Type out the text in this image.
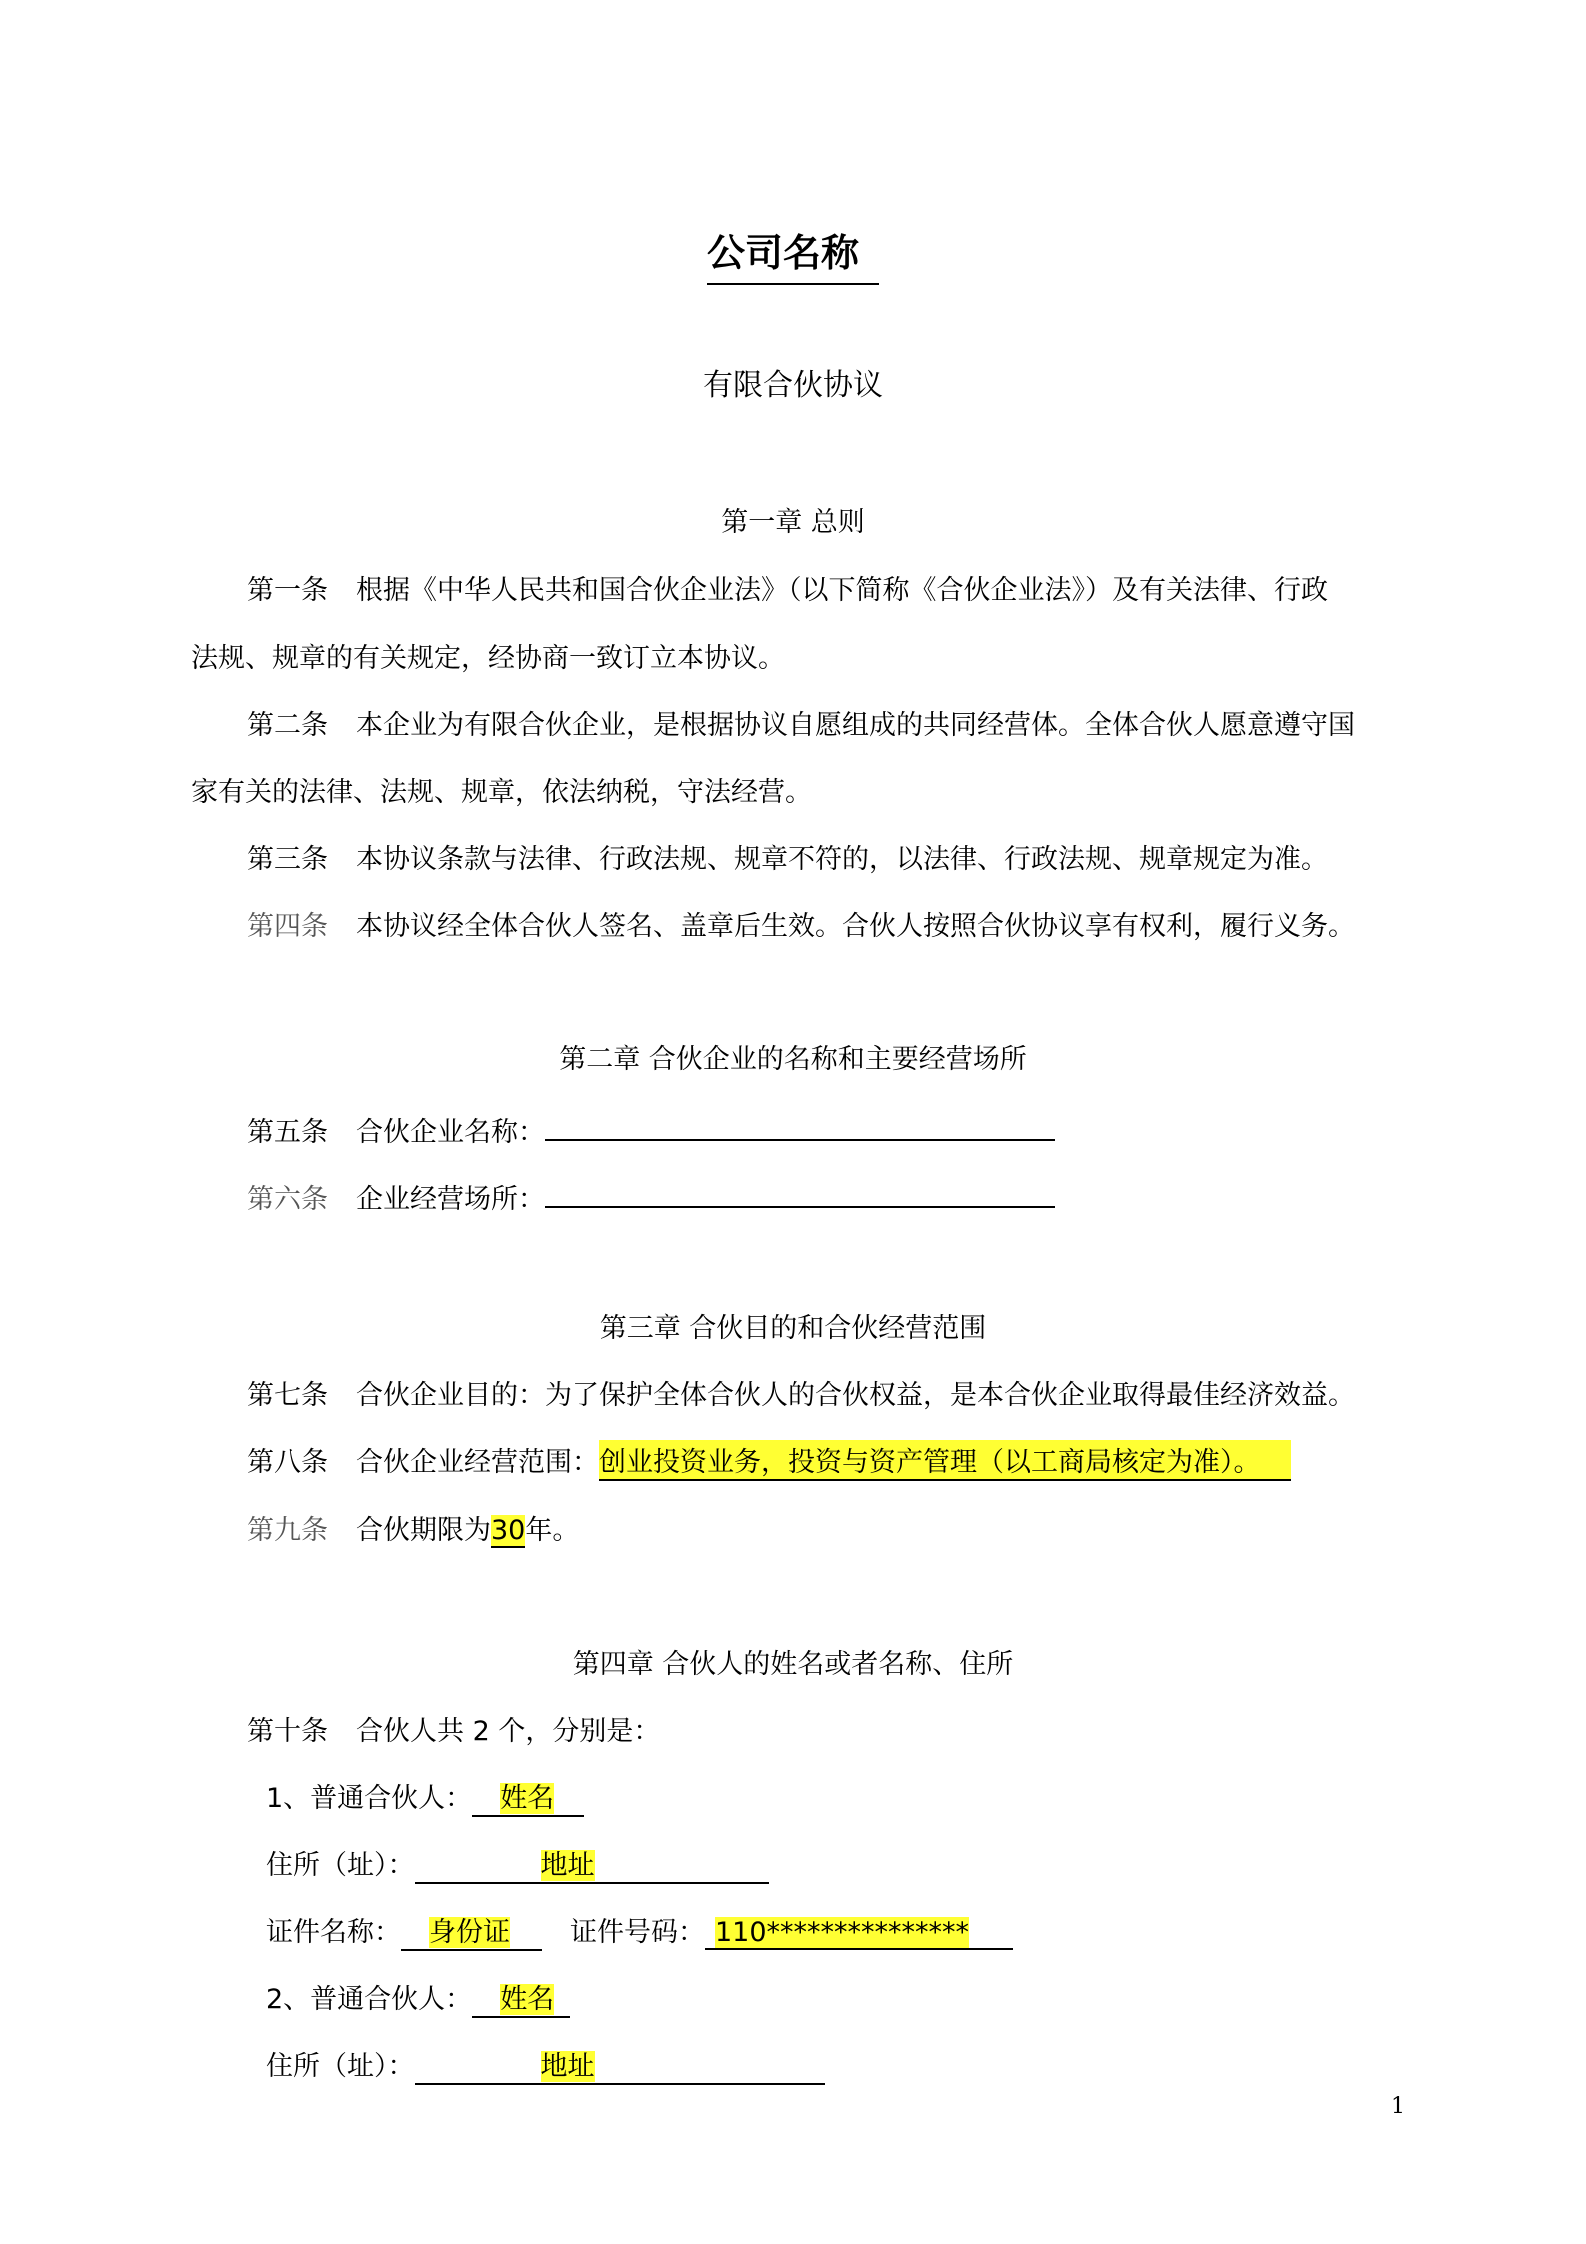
公司名称
有限合伙协议
第一章 总则
第一条 根据《中华人民共和国合伙企业法》（以下简称《合伙企业法》）及有关法律、行政
法规、规章的有关规定，经协商一致订立本协议。
第二条 本企业为有限合伙企业，是根据协议自愿组成的共同经营体。全体合伙人愿意遵守国
家有关的法律、法规、规章，依法纳税，守法经营。
第三条 本协议条款与法律、行政法规、规章不符的，以法律、行政法规、规章规定为准。
第四条 本协议经全体合伙人签名、盖章后生效。合伙人按照合伙协议享有权利，履行义务。
第二章 合伙企业的名称和主要经营场所
第五条 合伙企业名称：
第六条 企业经营场所：
第三章 合伙目的和合伙经营范围
第七条 合伙企业目的：为了保护全体合伙人的合伙权益，是本合伙企业取得最佳经济效益。
第八条 合伙企业经营范围：创业投资业务，投资与资产管理（以工商局核定为准）。
第九条 合伙期限为30年。
第四章 合伙人的姓名或者名称、住所
第十条 合伙人共 2 个，分别是：
1、普通合伙人： 姓名
住所（址）：	地址
证件名称： 身份证 证件号码： 110***************
2、普通合伙人： 姓名
住所（址）：	地址
1
